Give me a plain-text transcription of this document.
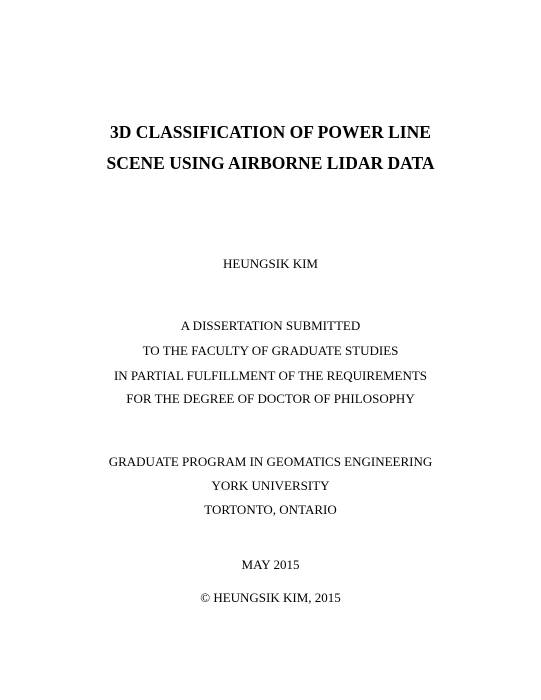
3D CLASSIFICATION OF POWER LINE
SCENE USING AIRBORNE LIDAR DATA
HEUNGSIK KIM
A DISSERTATION SUBMITTED
TO THE FACULTY OF GRADUATE STUDIES
IN PARTIAL FULFILLMENT OF THE REQUIREMENTS
FOR THE DEGREE OF DOCTOR OF PHILOSOPHY
GRADUATE PROGRAM IN GEOMATICS ENGINEERING
YORK UNIVERSITY
TORTONTO, ONTARIO
MAY 2015
© HEUNGSIK KIM, 2015
